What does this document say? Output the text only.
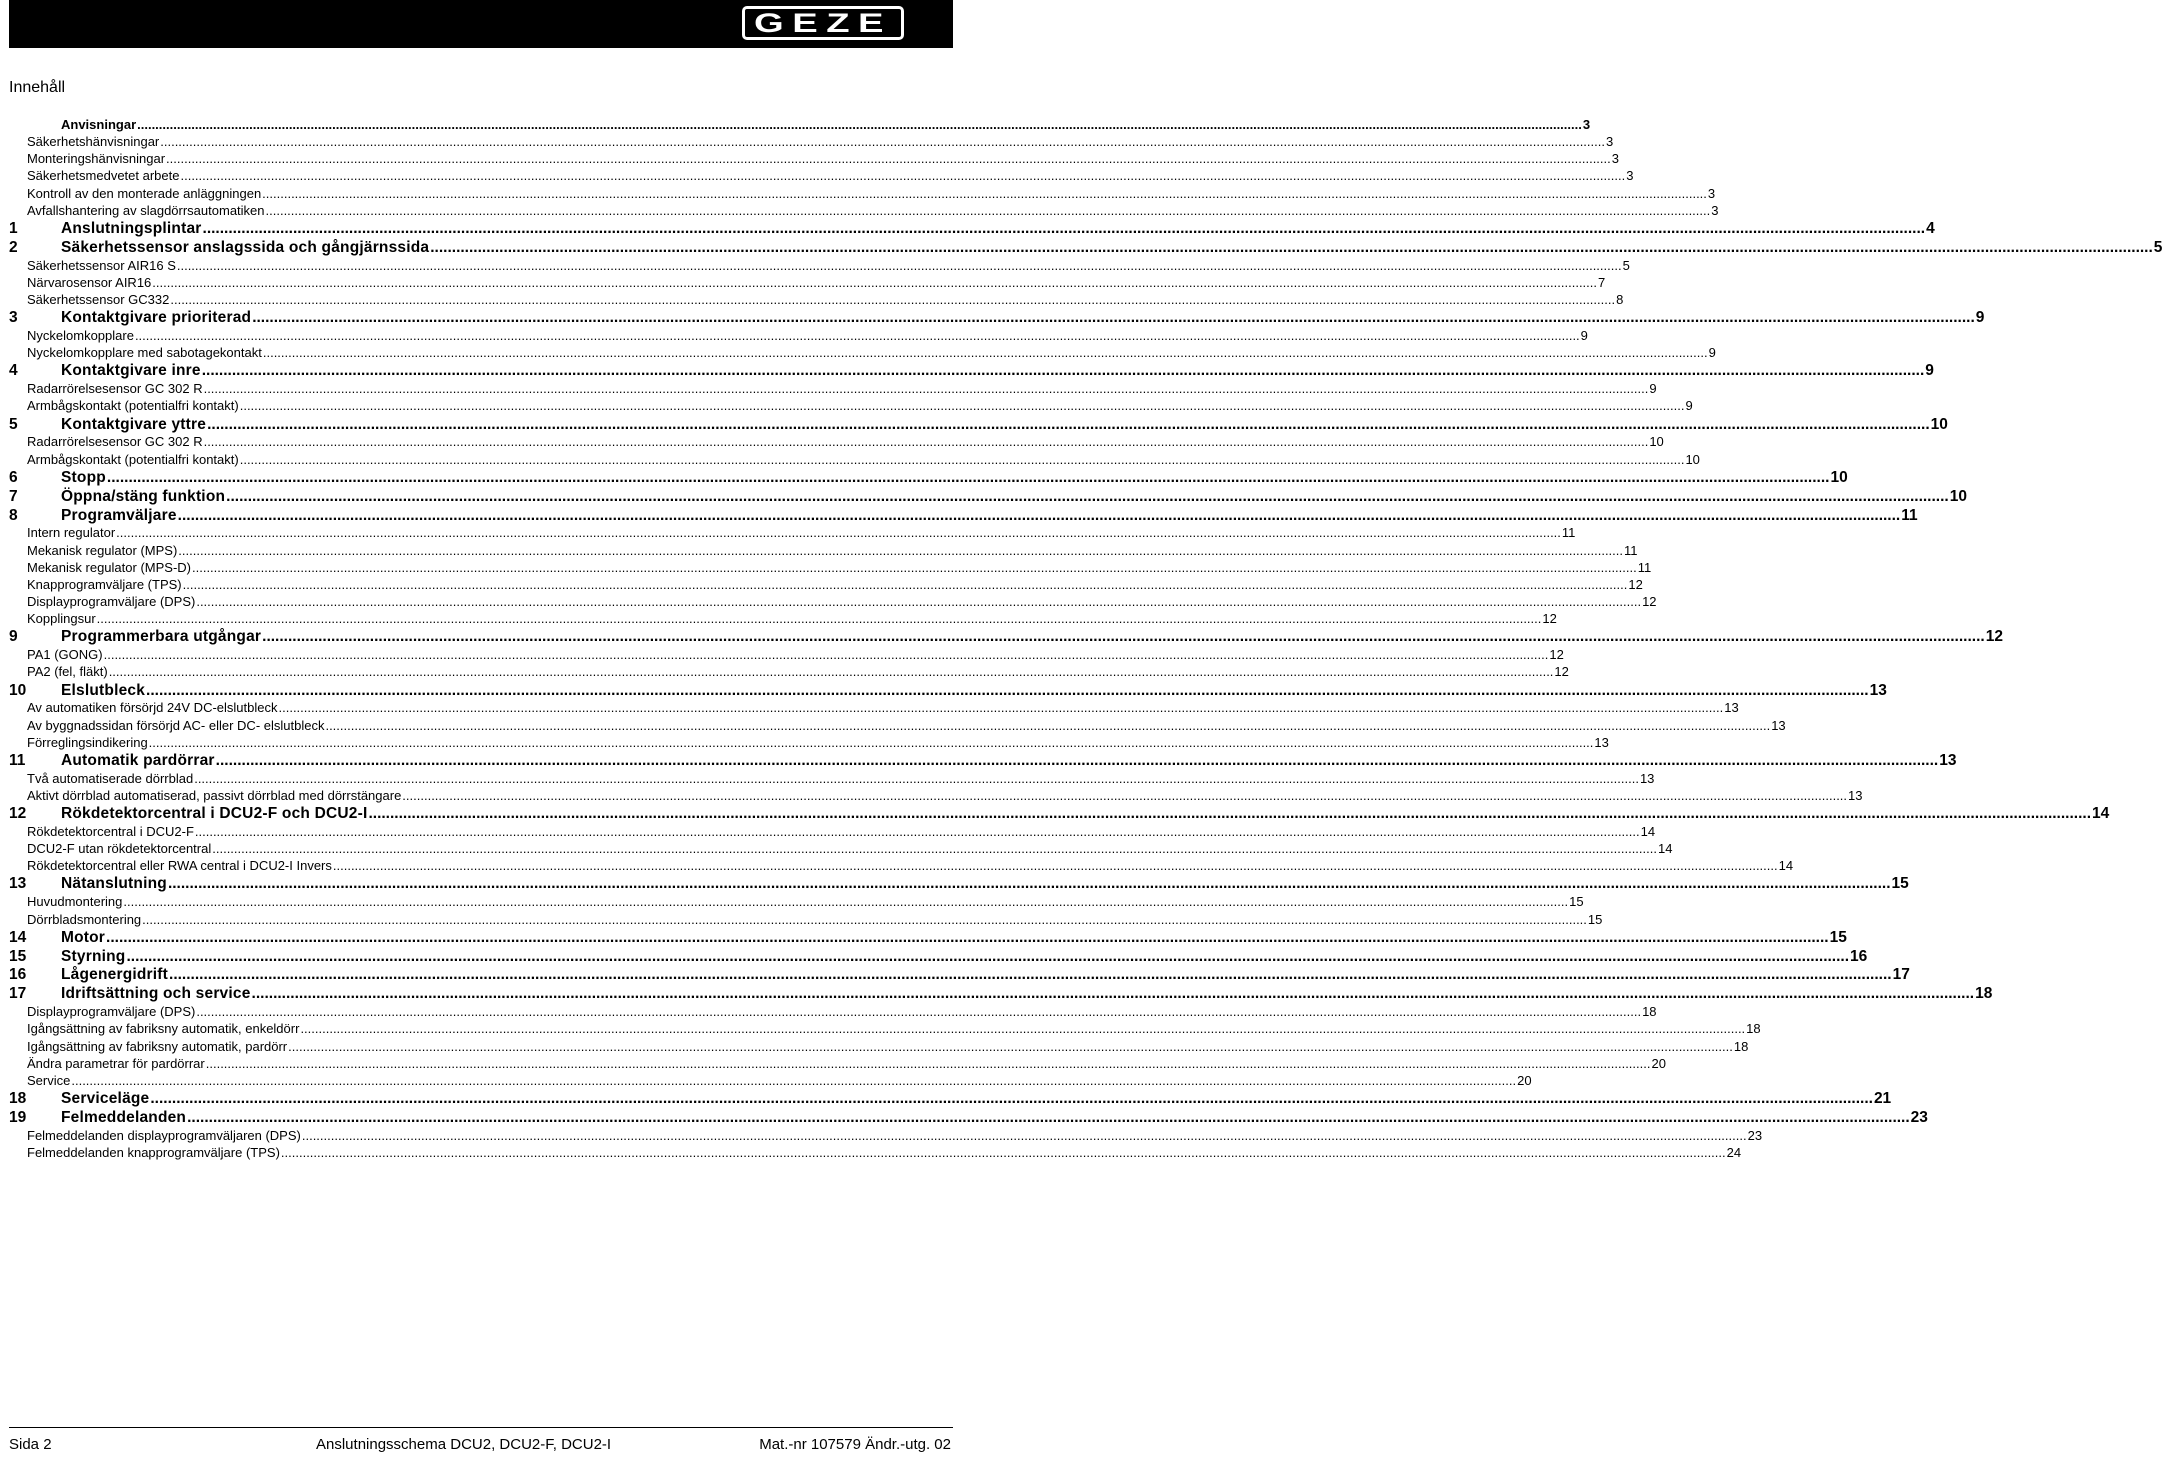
GEZE
Innehåll
Anvisningar ................................................................................................................................................................................................................................................................................................................................................................................................................ 3
Säkerhetshänvisningar ................................................................................................................................................................................................................................................................................................................................................................................................................ 3
Monteringshänvisningar ................................................................................................................................................................................................................................................................................................................................................................................................................ 3
Säkerhetsmedvetet arbete ................................................................................................................................................................................................................................................................................................................................................................................................................ 3
Kontroll av den monterade anläggningen ................................................................................................................................................................................................................................................................................................................................................................................................................ 3
Avfallshantering av slagdörrsautomatiken ................................................................................................................................................................................................................................................................................................................................................................................................................ 3
1	Anslutningsplintar ................................................................................................................................................................................................................................................................................................................................................................................................................ 4
2	Säkerhetssensor anslagssida och gångjärnssida ................................................................................................................................................................................................................................................................................................................................................................................................................ 5
Säkerhetssensor AIR16 S ................................................................................................................................................................................................................................................................................................................................................................................................................ 5
Närvarosensor AIR16 ................................................................................................................................................................................................................................................................................................................................................................................................................ 7
Säkerhetssensor GC332 ................................................................................................................................................................................................................................................................................................................................................................................................................ 8
3	Kontaktgivare prioriterad ................................................................................................................................................................................................................................................................................................................................................................................................................ 9
Nyckelomkopplare ................................................................................................................................................................................................................................................................................................................................................................................................................ 9
Nyckelomkopplare med sabotagekontakt ................................................................................................................................................................................................................................................................................................................................................................................................................ 9
4	Kontaktgivare inre ................................................................................................................................................................................................................................................................................................................................................................................................................ 9
Radarrörelsesensor GC 302 R ................................................................................................................................................................................................................................................................................................................................................................................................................ 9
Armbågskontakt (potentialfri kontakt) ................................................................................................................................................................................................................................................................................................................................................................................................................ 9
5	Kontaktgivare yttre ................................................................................................................................................................................................................................................................................................................................................................................................................ 10
Radarrörelsesensor GC 302 R ................................................................................................................................................................................................................................................................................................................................................................................................................ 10
Armbågskontakt (potentialfri kontakt) ................................................................................................................................................................................................................................................................................................................................................................................................................ 10
6	Stopp ................................................................................................................................................................................................................................................................................................................................................................................................................ 10
7	Öppna/stäng funktion ................................................................................................................................................................................................................................................................................................................................................................................................................ 10
8	Programväljare ................................................................................................................................................................................................................................................................................................................................................................................................................ 11
Intern regulator ................................................................................................................................................................................................................................................................................................................................................................................................................ 11
Mekanisk regulator (MPS) ................................................................................................................................................................................................................................................................................................................................................................................................................ 11
Mekanisk regulator (MPS-D) ................................................................................................................................................................................................................................................................................................................................................................................................................ 11
Knapprogramväljare (TPS) ................................................................................................................................................................................................................................................................................................................................................................................................................ 12
Displayprogramväljare (DPS) ................................................................................................................................................................................................................................................................................................................................................................................................................ 12
Kopplingsur ................................................................................................................................................................................................................................................................................................................................................................................................................ 12
9	Programmerbara utgångar ................................................................................................................................................................................................................................................................................................................................................................................................................ 12
PA1 (GONG) ................................................................................................................................................................................................................................................................................................................................................................................................................ 12
PA2 (fel, fläkt) ................................................................................................................................................................................................................................................................................................................................................................................................................ 12
10 Elslutbleck ................................................................................................................................................................................................................................................................................................................................................................................................................ 13
Av automatiken försörjd 24V DC-elslutbleck ................................................................................................................................................................................................................................................................................................................................................................................................................ 13
Av byggnadssidan försörjd AC- eller DC- elslutbleck ................................................................................................................................................................................................................................................................................................................................................................................................................ 13
Förreglingsindikering ................................................................................................................................................................................................................................................................................................................................................................................................................ 13
11 Automatik pardörrar ................................................................................................................................................................................................................................................................................................................................................................................................................ 13
Två automatiserade dörrblad ................................................................................................................................................................................................................................................................................................................................................................................................................ 13
Aktivt dörrblad automatiserad, passivt dörrblad med dörrstängare ................................................................................................................................................................................................................................................................................................................................................................................................................ 13
12 Rökdetektorcentral i DCU2-F och DCU2-I ................................................................................................................................................................................................................................................................................................................................................................................................................ 14
Rökdetektorcentral i DCU2-F ................................................................................................................................................................................................................................................................................................................................................................................................................ 14
DCU2-F utan rökdetektorcentral ................................................................................................................................................................................................................................................................................................................................................................................................................ 14
Rökdetektorcentral eller RWA central i DCU2-I Invers ................................................................................................................................................................................................................................................................................................................................................................................................................ 14
13 Nätanslutning ................................................................................................................................................................................................................................................................................................................................................................................................................ 15
Huvudmontering ................................................................................................................................................................................................................................................................................................................................................................................................................ 15
Dörrbladsmontering ................................................................................................................................................................................................................................................................................................................................................................................................................ 15
14 Motor ................................................................................................................................................................................................................................................................................................................................................................................................................ 15
15 Styrning ................................................................................................................................................................................................................................................................................................................................................................................................................ 16
16 Lågenergidrift ................................................................................................................................................................................................................................................................................................................................................................................................................ 17
17 Idriftsättning och service ................................................................................................................................................................................................................................................................................................................................................................................................................ 18
Displayprogramväljare (DPS) ................................................................................................................................................................................................................................................................................................................................................................................................................ 18
Igångsättning av fabriksny automatik, enkeldörr ................................................................................................................................................................................................................................................................................................................................................................................................................ 18
Igångsättning av fabriksny automatik, pardörr ................................................................................................................................................................................................................................................................................................................................................................................................................ 18
Ändra parametrar för pardörrar ................................................................................................................................................................................................................................................................................................................................................................................................................ 20
Service ................................................................................................................................................................................................................................................................................................................................................................................................................ 20
18 Serviceläge ................................................................................................................................................................................................................................................................................................................................................................................................................ 21
19 Felmeddelanden ................................................................................................................................................................................................................................................................................................................................................................................................................ 23
Felmeddelanden displayprogramväljaren (DPS) ................................................................................................................................................................................................................................................................................................................................................................................................................ 23
Felmeddelanden knapprogramväljare (TPS) ................................................................................................................................................................................................................................................................................................................................................................................................................ 24
Sida 2	Anslutningsschema DCU2, DCU2-F, DCU2-I	Mat.-nr 107579 Ändr.-utg. 02
